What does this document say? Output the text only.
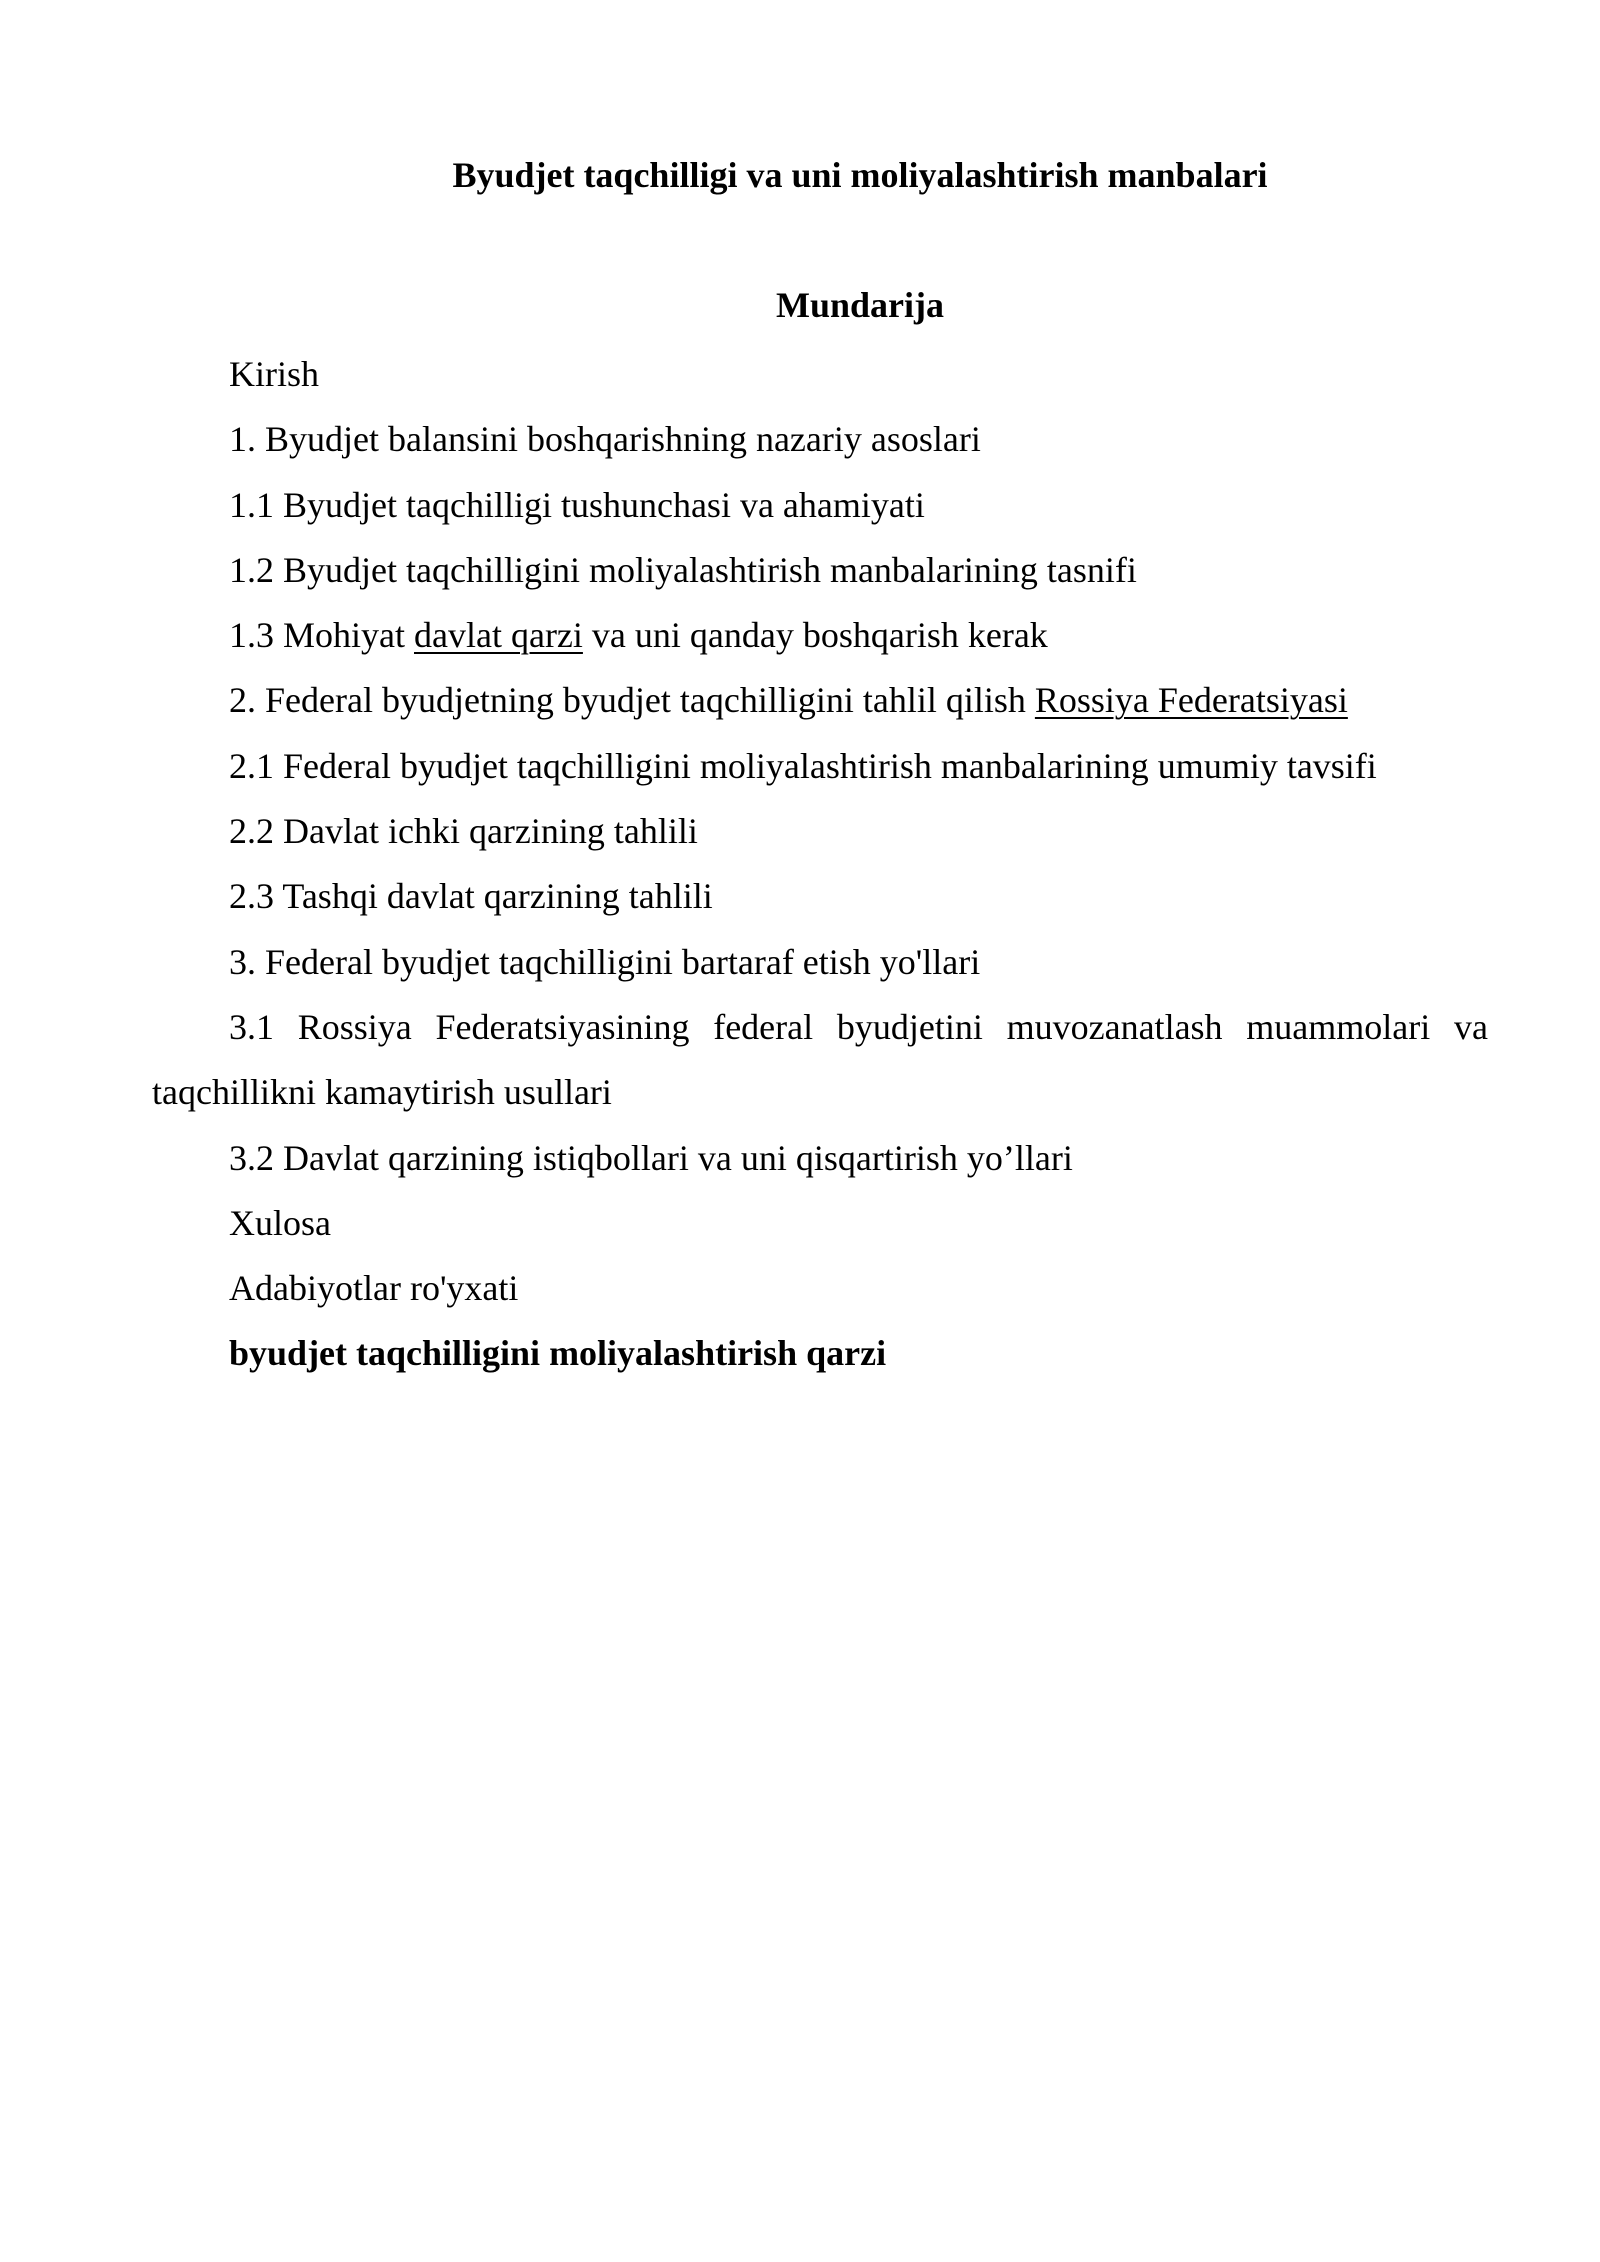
Byudjet taqchilligi va uni moliyalashtirish manbalari
Mundarija
Kirish
1. Byudjet balansini boshqarishning nazariy asoslari
1.1 Byudjet taqchilligi tushunchasi va ahamiyati
1.2 Byudjet taqchilligini moliyalashtirish manbalarining tasnifi
1.3 Mohiyat davlat qarzi va uni qanday boshqarish kerak
2. Federal byudjetning byudjet taqchilligini tahlil qilish Rossiya Federatsiyasi
2.1 Federal byudjet taqchilligini moliyalashtirish manbalarining umumiy tavsifi
2.2 Davlat ichki qarzining tahlili
2.3 Tashqi davlat qarzining tahlili
3. Federal byudjet taqchilligini bartaraf etish yo'llari
3.1 Rossiya Federatsiyasining federal byudjetini muvozanatlash muammolari va taqchillikni kamaytirish usullari
3.2 Davlat qarzining istiqbollari va uni qisqartirish yo’llari
Xulosa
Adabiyotlar ro'yxati
byudjet taqchilligini moliyalashtirish qarzi
